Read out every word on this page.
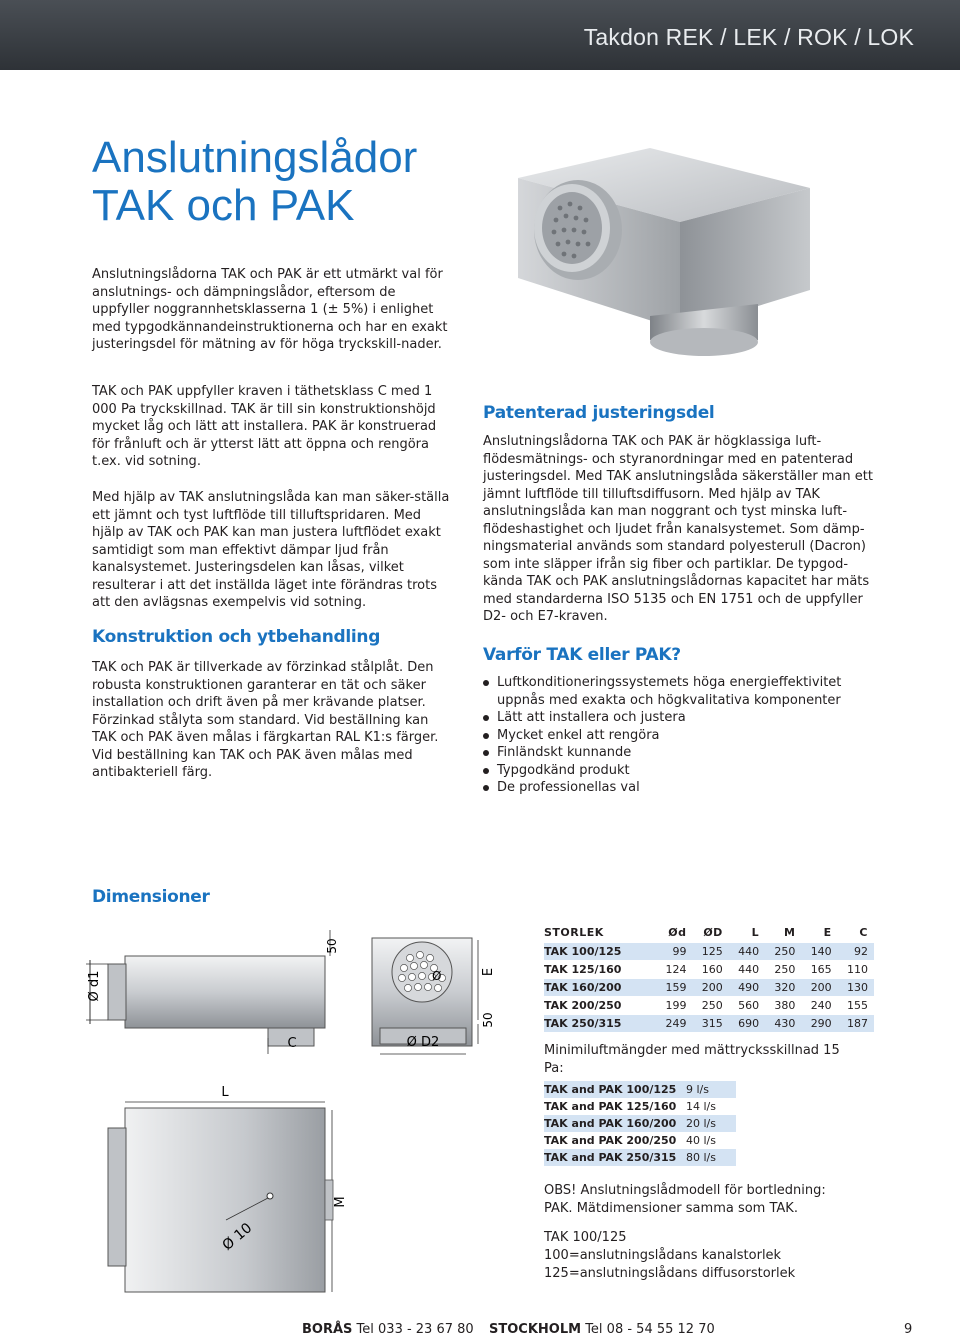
Takdon REK / LEK / ROK / LOK
Anslutningslådor
TAK och PAK

Anslutningslådorna TAK och PAK är ett utmärkt val för anslutnings- och dämpningslådor, eftersom de uppfyller noggrannhetsklasserna 1 (± 5%) i enlighet med typgodkännandeinstruktionerna och har en exakt justeringsdel för mätning av för höga tryckskill-nader.

TAK och PAK uppfyller kraven i täthetsklass C med 1 000 Pa tryckskillnad. TAK är till sin konstruktionshöjd mycket låg och lätt att installera. PAK är konstruerad för frånluft och är ytterst lätt att öppna och rengöra t.ex. vid sotning.

Med hjälp av TAK anslutningslåda kan man säker-ställa ett jämnt och tyst luftflöde till tilluftspridaren. Med hjälp av TAK och PAK kan man justera luftflödet exakt samtidigt som man effektivt dämpar ljud från kanalsystemet. Justeringsdelen kan låsas, vilket resulterar i att det inställda läget inte förändras trots att den avlägsnas exempelvis vid sotning.

Konstruktion och ytbehandling

TAK och PAK är tillverkade av förzinkad stålplåt. Den robusta konstruktionen garanterar en tät och säker installation och drift även på mer krävande platser. Förzinkad stålyta som standard. Vid beställning kan TAK och PAK även målas i färgkartan RAL K1:s färger. Vid beställning kan TAK och PAK även målas med antibakteriell färg.

Patenterad justeringsdel

Anslutningslådorna TAK och PAK är högklassiga luft-flödesmätnings- och styranordningar med en patenterad justeringsdel. Med TAK anslutningslåda säkerställer man ett jämnt luftflöde till tilluftsdiffusorn. Med hjälp av TAK anslutningslåda kan man noggrant och tyst minska luft-flödeshastighet och ljudet från kanalsystemet. Som dämp-ningsmaterial används som standard polyesterull (Dacron) som inte släpper ifrån sig fiber och partiklar. De typgod-kända TAK och PAK anslutningslådornas kapacitet har mäts med standarderna ISO 5135 och EN 1751 och de uppfyller D2- och E7-kraven.

Varför TAK eller PAK?
Luftkonditioneringssystemets höga energieffektivitet uppnås med exakta och högkvalitativa komponenter
Lätt att installera och justera
Mycket enkel att rengöra
Finländskt kunnande
Typgodkänd produkt
De professionellas val
Dimensioner
Ø d1
50
C
Ø	E
50
Ø D2
L
Ø 10
M
STORLEK	Ød	ØD	L	M	E	C
TAK 100/125	99	125	440	250	140	92
TAK 125/160	124	160	440	250	165	110
TAK 160/200	159	200	490	320	200	130
TAK 200/250	199	250	560	380	240	155
TAK 250/315	249	315	690	430	290	187

Minimiluftmängder med mättrycksskillnad 15 Pa:

TAK and PAK 100/125	9 l/s
TAK and PAK 125/160	14 l/s
TAK and PAK 160/200	20 l/s
TAK and PAK 200/250	40 l/s
TAK and PAK 250/315	80 l/s

OBS! Anslutningslådmodell för bortledning: PAK. Mätdimensioner samma som TAK.

TAK 100/125

100=anslutningslådans kanalstorlek

125=anslutningslådans diffusorstorlek

BORÅS Tel 033 - 23 67 80 STOCKHOLM Tel 08 - 54 55 12 70	9
